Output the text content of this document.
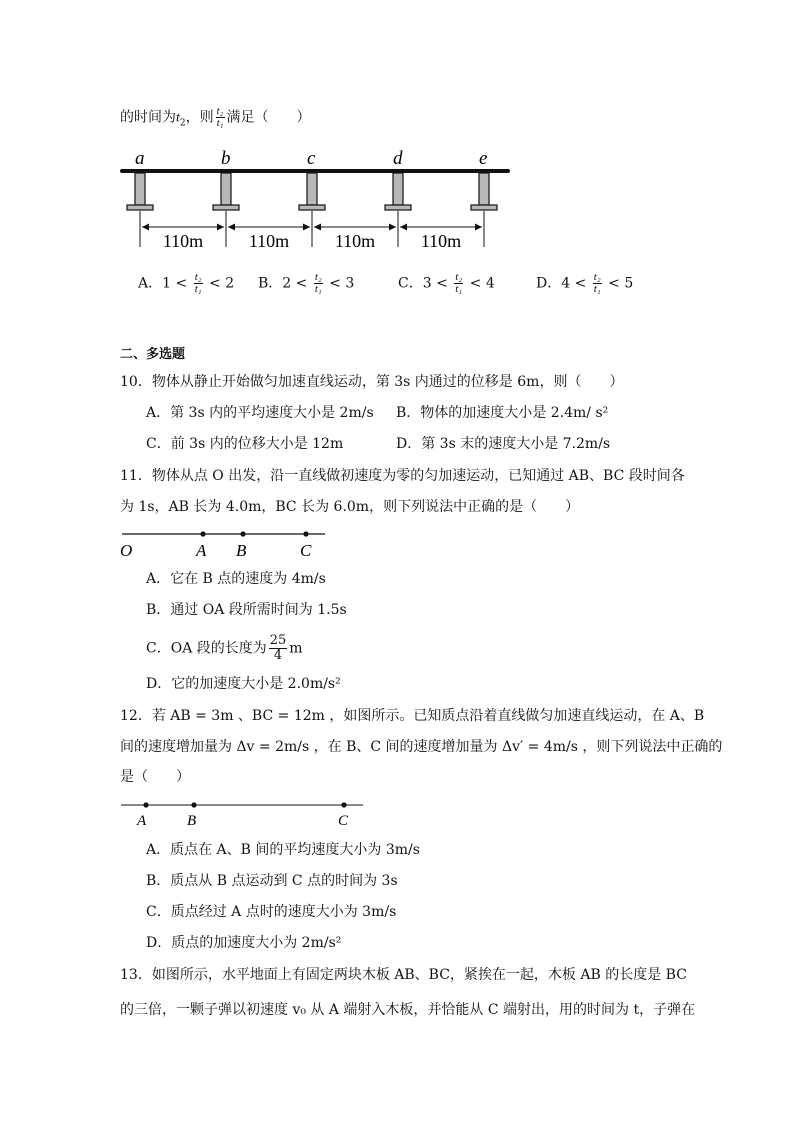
的时间为$t_2$，则 $\frac{\text{t₂}}{\text{t₁}}$ 满足（　　）
a	b	c	d	e
110m	110m	110m	110m
A．$1 < \frac{\text{t₂}}{\text{t₁}} < 2$ B．$2 < \frac{\text{t₂}}{\text{t₁}} < 3$	C．$3 < \frac{\text{t₂}}{\text{t₁}} < 4$	D．$4 < \frac{\text{t₂}}{\text{t₁}} < 5$
二、多选题
10．物体从静止开始做匀加速直线运动，第 3s 内通过的位移是 6m，则（　　）
A．第 3s 内的平均速度大小是 2m/s B．物体的加速度大小是 2.4m/ s²
C．前 3s 内的位移大小是 12m	D．第 3s 末的速度大小是 7.2m/s
11．物体从点 O 出发，沿一直线做初速度为零的匀加速运动，已知通过 AB、BC 段时间各
为 1s，AB 长为 4.0m，BC 长为 6.0m，则下列说法中正确的是（　　）
O	A B	C
A．它在 B 点的速度为 4m/s
B．通过 OA 段所需时间为 1.5s
C．OA 段的长度为 $\frac{25}{4}$ m
D．它的加速度大小是 2.0m/s²
12．若 AB = 3m 、BC = 12m ，如图所示。已知质点沿着直线做匀加速直线运动，在 A、B
间的速度增加量为 Δv = 2m/s ，在 B、C 间的速度增加量为 Δv′ = 4m/s ，则下列说法中正确的
是（　　）
A	B	C
A．质点在 A、B 间的平均速度大小为 3m/s
B．质点从 B 点运动到 C 点的时间为 3s
C．质点经过 A 点时的速度大小为 3m/s
D．质点的加速度大小为 2m/s²
13．如图所示，水平地面上有固定两块木板 AB、BC，紧挨在一起，木板 AB 的长度是 BC
的三倍，一颗子弹以初速度 v₀ 从 A 端射入木板，并恰能从 C 端射出，用的时间为 t，子弹在
